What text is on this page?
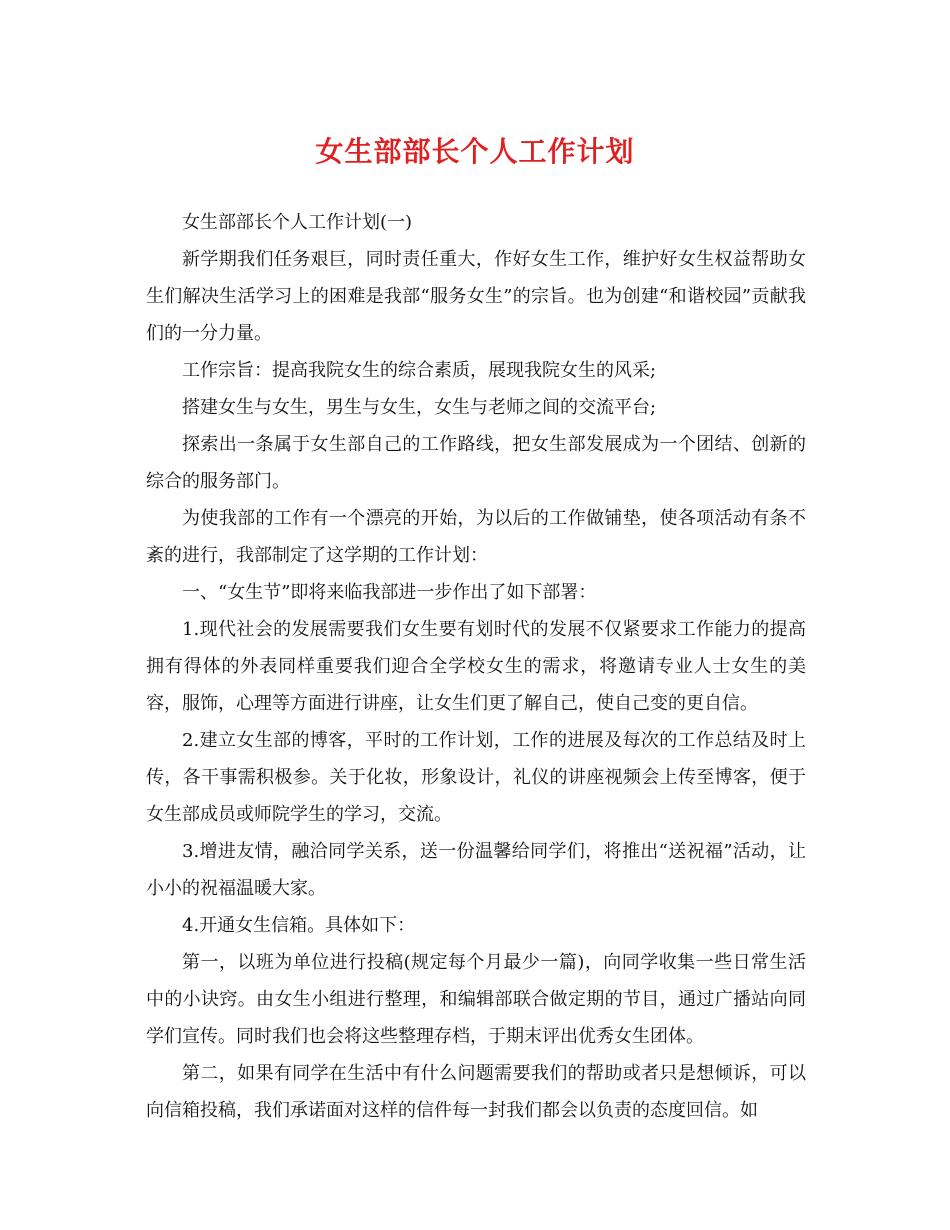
女生部部长个人工作计划

女生部部长个人工作计划(一)

新学期我们任务艰巨，同时责任重大，作好女生工作，维护好女生权益帮助女生们解决生活学习上的困难是我部“服务女生”的宗旨。也为创建“和谐校园”贡献我们的一分力量。

工作宗旨：提高我院女生的综合素质，展现我院女生的风采;

搭建女生与女生，男生与女生，女生与老师之间的交流平台;

探索出一条属于女生部自己的工作路线，把女生部发展成为一个团结、创新的综合的服务部门。

为使我部的工作有一个漂亮的开始，为以后的工作做铺垫，使各项活动有条不紊的进行，我部制定了这学期的工作计划：

一、“女生节”即将来临我部进一步作出了如下部署：

1.现代社会的发展需要我们女生要有划时代的发展不仅紧要求工作能力的提高拥有得体的外表同样重要我们迎合全学校女生的需求，将邀请专业人士女生的美容，服饰，心理等方面进行讲座，让女生们更了解自己，使自己变的更自信。

2.建立女生部的博客，平时的工作计划，工作的进展及每次的工作总结及时上传，各干事需积极参。关于化妆，形象设计，礼仪的讲座视频会上传至博客，便于女生部成员或师院学生的学习，交流。

3.增进友情，融洽同学关系，送一份温馨给同学们，将推出“送祝福”活动，让小小的祝福温暖大家。

4.开通女生信箱。具体如下：

第一，以班为单位进行投稿(规定每个月最少一篇)，向同学收集一些日常生活中的小诀窍。由女生小组进行整理，和编辑部联合做定期的节目，通过广播站向同学们宣传。同时我们也会将这些整理存档，于期末评出优秀女生团体。

第二，如果有同学在生活中有什么问题需要我们的帮助或者只是想倾诉，可以向信箱投稿，我们承诺面对这样的信件每一封我们都会以负责的态度回信。如
